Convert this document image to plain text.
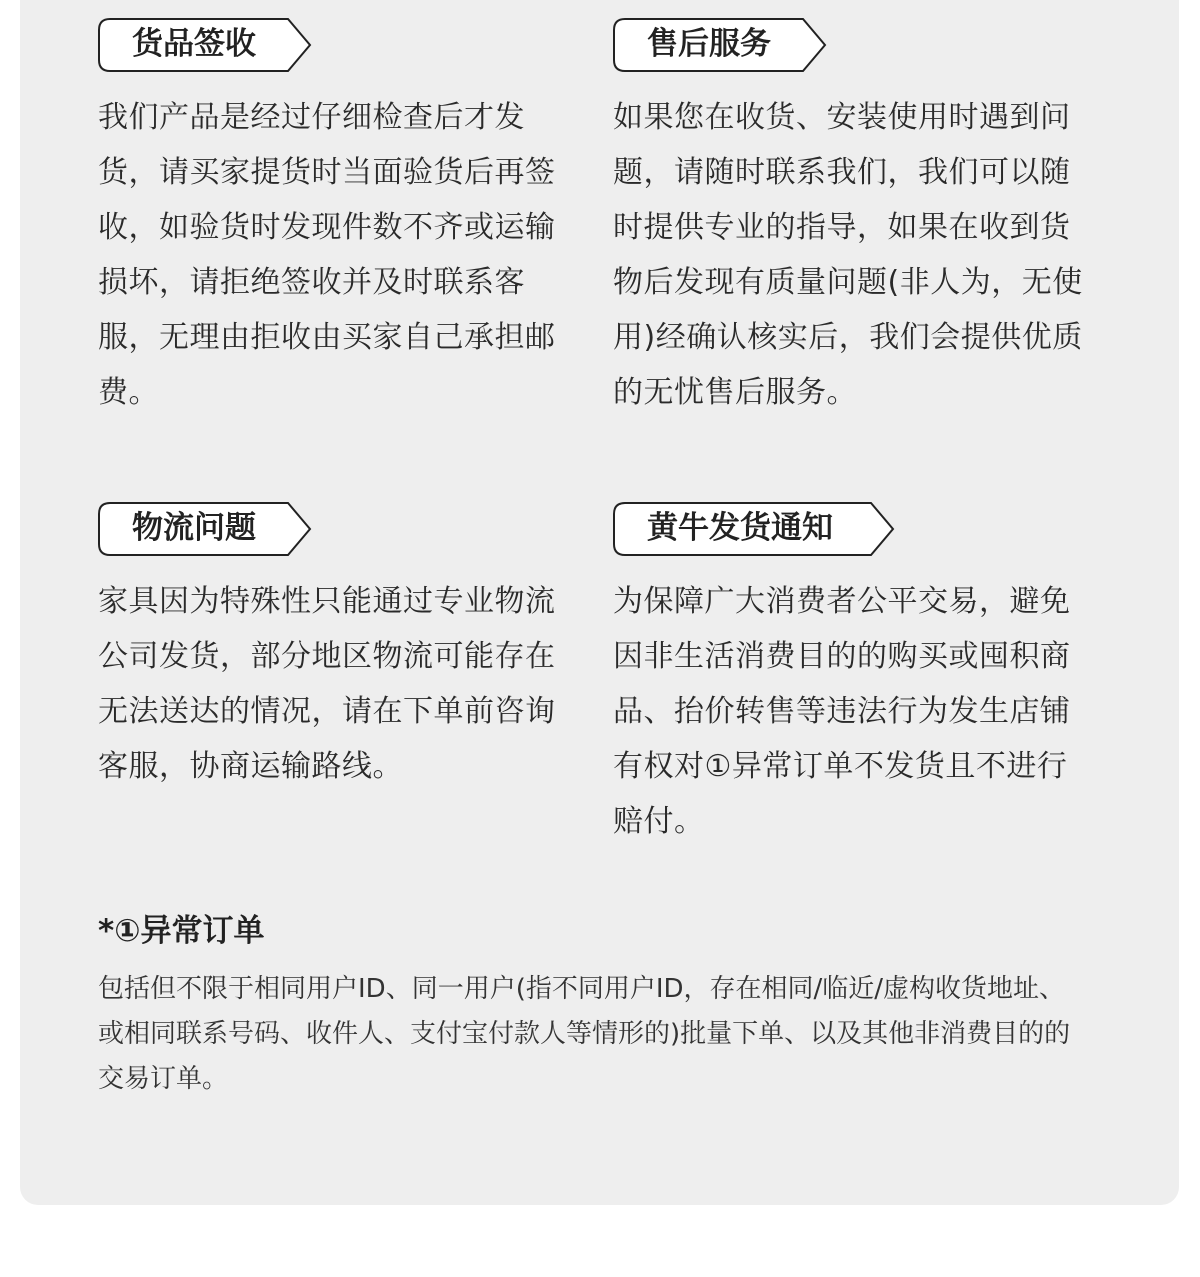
货品签收
我们产品是经过仔细检查后才发货，请买家提货时当面验货后再签收，如验货时发现件数不齐或运输损坏，请拒绝签收并及时联系客服，无理由拒收由买家自己承担邮费。
售后服务
如果您在收货、安装使用时遇到问题，请随时联系我们，我们可以随时提供专业的指导，如果在收到货物后发现有质量问题(非人为，无使用)经确认核实后，我们会提供优质的无忧售后服务。
物流问题
家具因为特殊性只能通过专业物流公司发货，部分地区物流可能存在无法送达的情况，请在下单前咨询客服，协商运输路线。
黄牛发货通知
为保障广大消费者公平交易，避免因非生活消费目的的购买或囤积商品、抬价转售等违法行为发生店铺有权对①异常订单不发货且不进行赔付。
*①异常订单
包括但不限于相同用户ID、同一用户(指不同用户ID，存在相同/临近/虚构收货地址、或相同联系号码、收件人、支付宝付款人等情形的)批量下单、以及其他非消费目的的交易订单。
